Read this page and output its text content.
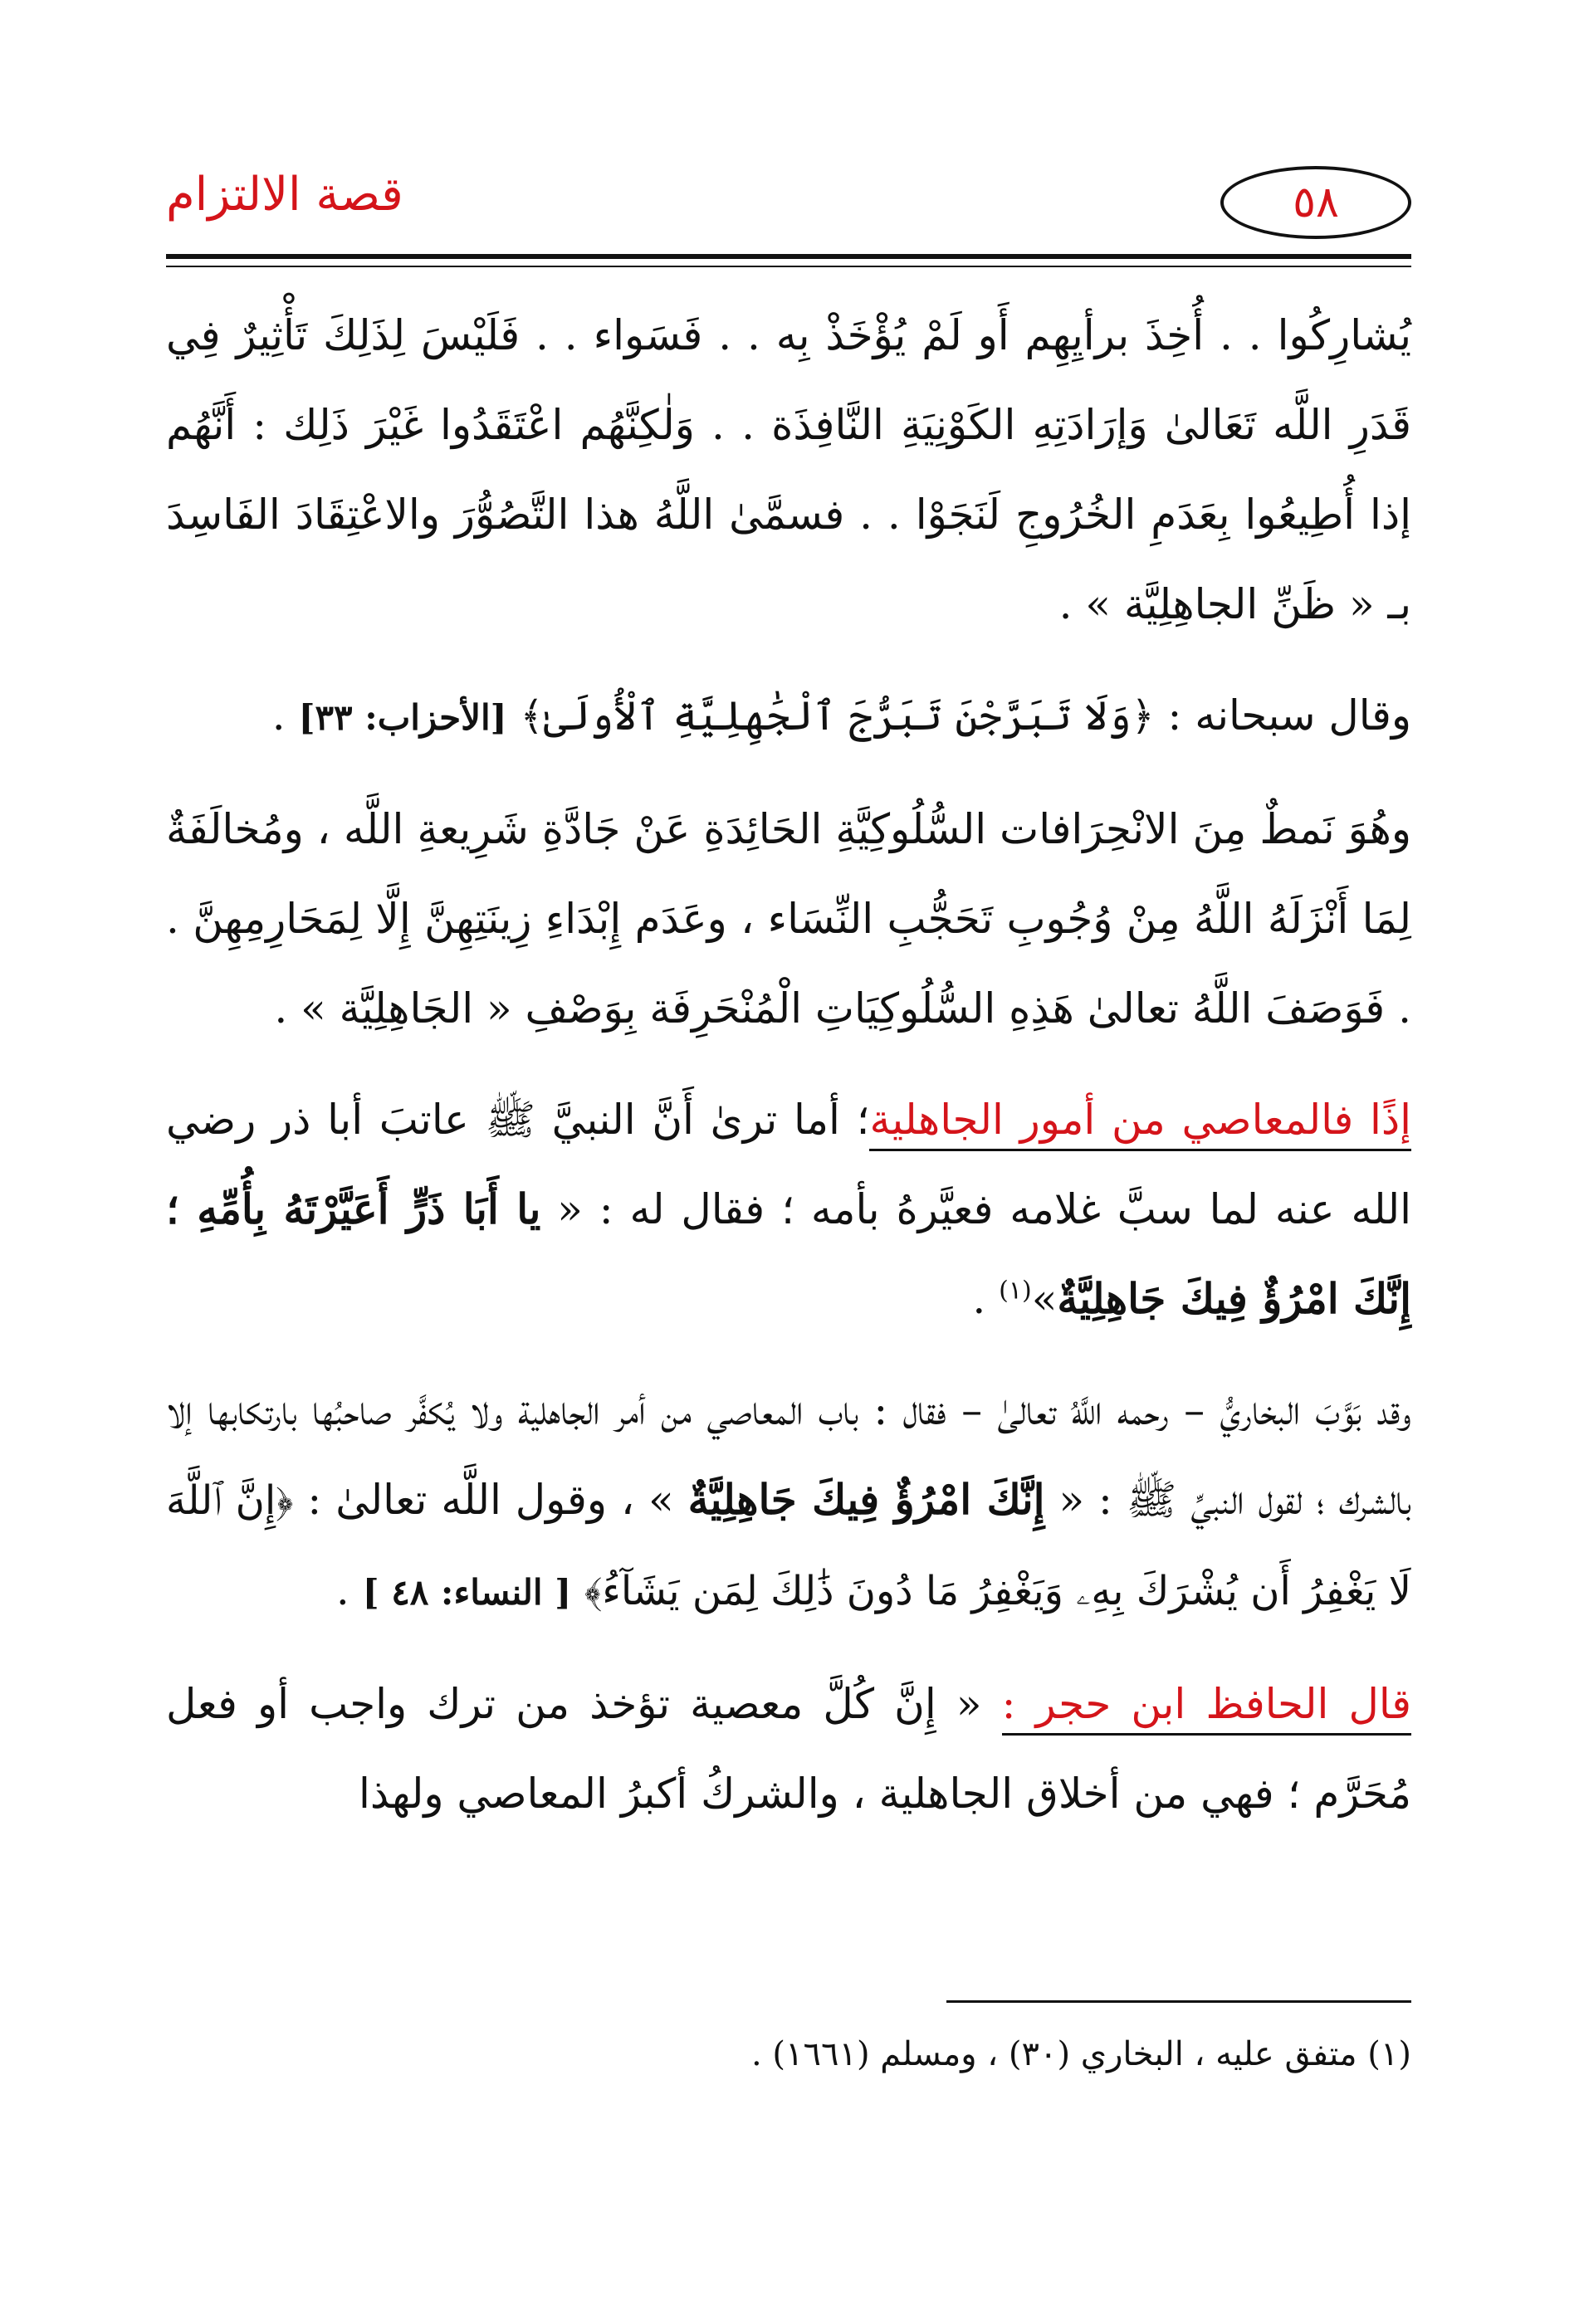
٥٨
قصة الالتزام

يُشارِكُوا . . أُخِذَ برأيِهِم أَو لَمْ يُؤْخَذْ بِه . . فَسَواء . . فَلَيْسَ لِذَلِكَ تَأْثِيرٌ فِي قَدَرِ اللَّه تَعَالىٰ وَإرَادَتِهِ الكَوْنِيَةِ النَّافِذَة . . وَلٰكِنَّهُم اعْتَقَدُوا غَيْرَ ذَلِك : أَنَّهُم إذا أُطِيعُوا بِعَدَمِ الخُرُوجِ لَنَجَوْا . . فسمَّىٰ اللَّهُ هذا التَّصُوُّرَ والاعْتِقَادَ الفَاسِدَ بـ « ظَنِّ الجاهِلِيَّة » .

وقال سبحانه : ﴿وَلَا تَبَرَّجْنَ تَبَرُّجَ ٱلْجَٰهِلِيَّةِ ٱلْأُولَىٰ﴾ [الأحزاب: ٣٣] .

وهُوَ نَمطٌ مِنَ الانْحِرَافات السُّلُوكِيَّةِ الحَائِدَةِ عَنْ جَادَّةِ شَرِيعةِ اللَّه ، ومُخالَفَةٌ لِمَا أَنْزَلَهُ اللَّهُ مِنْ وُجُوبِ تَحَجُّبِ النِّسَاء ، وعَدَم إِبْدَاءِ زِينَتِهِنَّ إِلَّا لِمَحَارِمِهِنَّ . . فَوَصَفَ اللَّهُ تعالىٰ هَذِهِ السُّلُوكِيَاتِ الْمُنْحَرِفَة بِوَصْفِ « الجَاهِلِيَّة » .

إذًا فالمعاصي من أمور الجاهلية؛ أما ترىٰ أَنَّ النبيَّ ﷺ عاتبَ أبا ذر رضي الله عنه لما سبَّ غلامه فعيَّرهُ بأمه ؛ فقال له : « يا أَبَا ذَرٍّ أَعَيَّرْتَهُ بِأُمِّهِ ؛ إِنَّكَ امْرُؤٌ فِيكَ جَاهِلِيَّةٌ»$^{(١)}$ .

وقد بَوَّبَ البخاريُّ – رحمه اللَّهُ تعالىٰ – فقال : باب المعاصي من أمر الجاهلية ولا يُكفَّر صاحبُها بارتكابها إلا بالشرك ؛ لقول النبيِّ ﷺ : « إِنَّكَ امْرُؤٌ فِيكَ جَاهِلِيَّةٌ » ، وقول اللَّه تعالىٰ : ﴿إِنَّ ٱللَّهَ لَا يَغْفِرُ أَن يُشْرَكَ بِهِۦ وَيَغْفِرُ مَا دُونَ ذَٰلِكَ لِمَن يَشَآءُ﴾ [ النساء: ٤٨ ] .

قال الحافظ ابن حجر : « إِنَّ كُلَّ معصية تؤخذ من ترك واجب أو فعل مُحَرَّم ؛ فهي من أخلاق الجاهلية ، والشركُ أكبرُ المعاصي ولهذا

(١) متفق عليه ، البخاري (٣٠) ، ومسلم (١٦٦١) .
